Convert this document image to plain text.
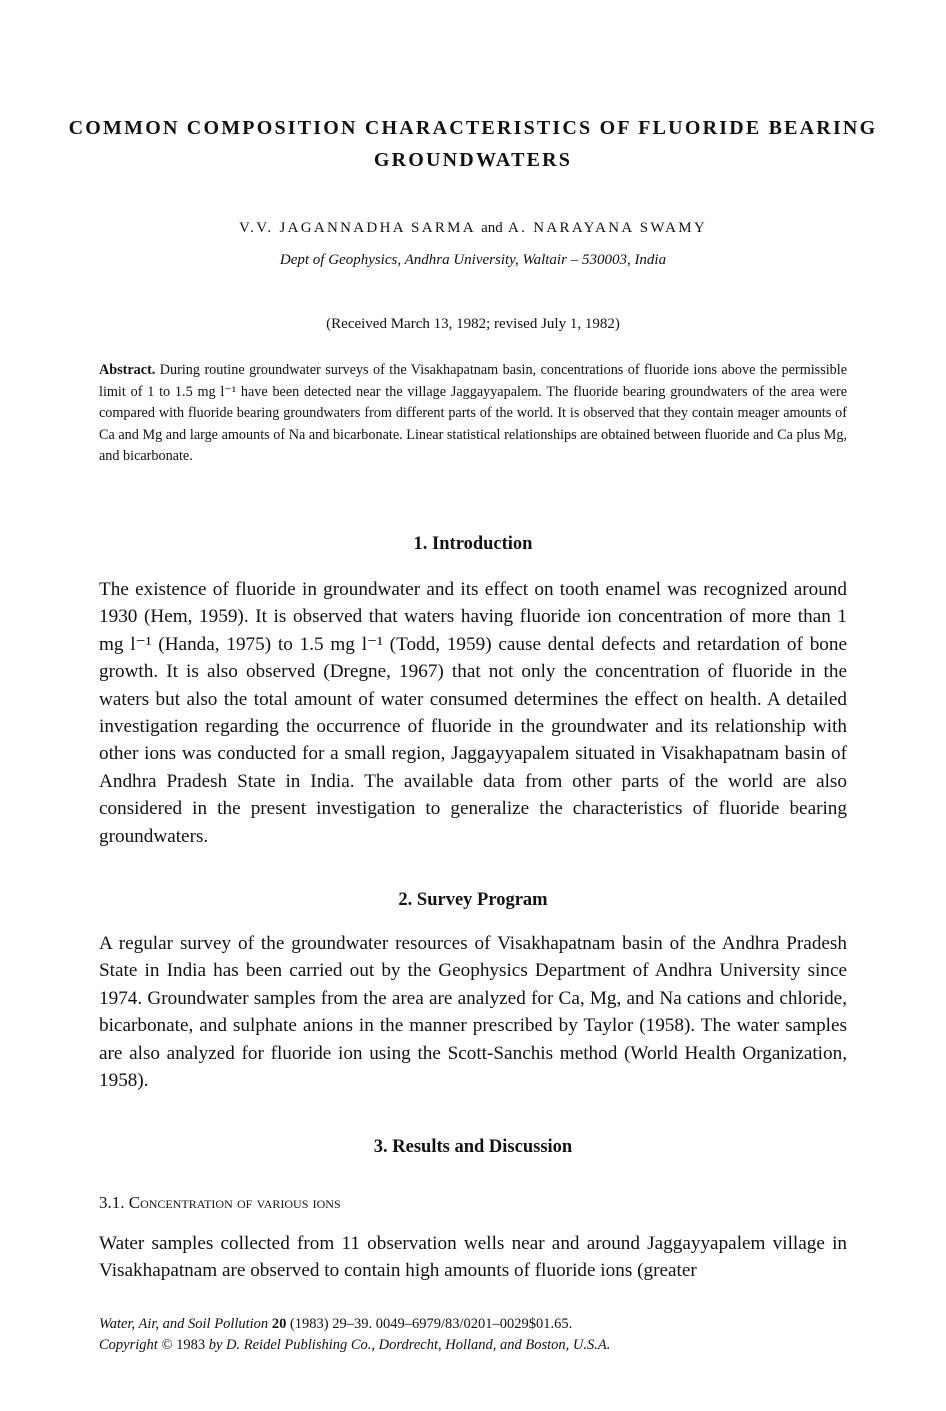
COMMON COMPOSITION CHARACTERISTICS OF FLUORIDE BEARING GROUNDWATERS
V.V. JAGANNADHA SARMA and A. NARAYANA SWAMY
Dept of Geophysics, Andhra University, Waltair – 530003, India
(Received March 13, 1982; revised July 1, 1982)
Abstract. During routine groundwater surveys of the Visakhapatnam basin, concentrations of fluoride ions above the permissible limit of 1 to 1.5 mg l⁻¹ have been detected near the village Jaggayyapalem. The fluoride bearing groundwaters of the area were compared with fluoride bearing groundwaters from different parts of the world. It is observed that they contain meager amounts of Ca and Mg and large amounts of Na and bicarbonate. Linear statistical relationships are obtained between fluoride and Ca plus Mg, and bicarbonate.
1. Introduction
The existence of fluoride in groundwater and its effect on tooth enamel was recognized around 1930 (Hem, 1959). It is observed that waters having fluoride ion concentration of more than 1 mg l⁻¹ (Handa, 1975) to 1.5 mg l⁻¹ (Todd, 1959) cause dental defects and retardation of bone growth. It is also observed (Dregne, 1967) that not only the concentration of fluoride in the waters but also the total amount of water consumed determines the effect on health. A detailed investigation regarding the occurrence of fluoride in the groundwater and its relationship with other ions was conducted for a small region, Jaggayyapalem situated in Visakhapatnam basin of Andhra Pradesh State in India. The available data from other parts of the world are also considered in the present investigation to generalize the characteristics of fluoride bearing groundwaters.
2. Survey Program
A regular survey of the groundwater resources of Visakhapatnam basin of the Andhra Pradesh State in India has been carried out by the Geophysics Department of Andhra University since 1974. Groundwater samples from the area are analyzed for Ca, Mg, and Na cations and chloride, bicarbonate, and sulphate anions in the manner prescribed by Taylor (1958). The water samples are also analyzed for fluoride ion using the Scott-Sanchis method (World Health Organization, 1958).
3. Results and Discussion
3.1. Concentration of various ions
Water samples collected from 11 observation wells near and around Jaggayyapalem village in Visakhapatnam are observed to contain high amounts of fluoride ions (greater
Water, Air, and Soil Pollution 20 (1983) 29–39. 0049–6979/83/0201–0029$01.65.
Copyright © 1983 by D. Reidel Publishing Co., Dordrecht, Holland, and Boston, U.S.A.
